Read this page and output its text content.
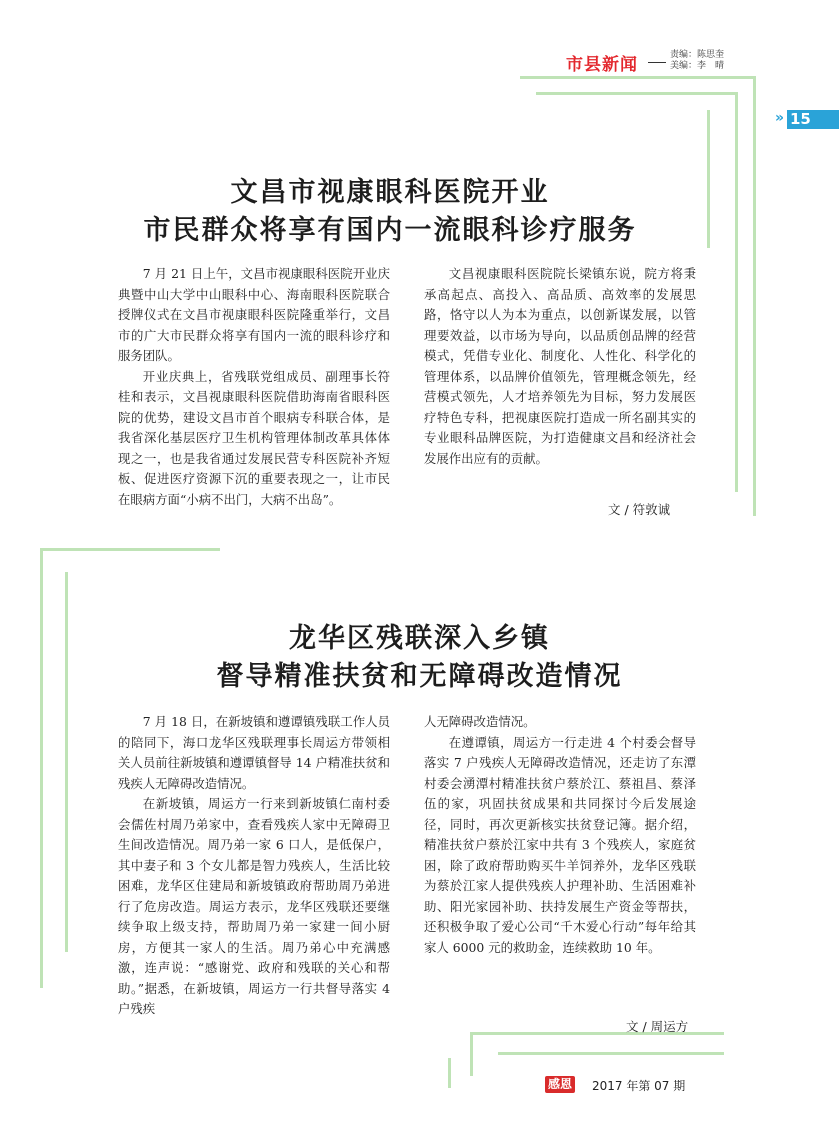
市县新闻	责编：陈思奎
美编：李　晴
» 15
文昌市视康眼科医院开业
市民群众将享有国内一流眼科诊疗服务

7 月 21 日上午，文昌市视康眼科医院开业庆典暨中山大学中山眼科中心、海南眼科医院联合授牌仪式在文昌市视康眼科医院隆重举行，文昌市的广大市民群众将享有国内一流的眼科诊疗和服务团队。

开业庆典上，省残联党组成员、副理事长符桂和表示，文昌视康眼科医院借助海南省眼科医院的优势，建设文昌市首个眼病专科联合体，是我省深化基层医疗卫生机构管理体制改革具体体现之一，也是我省通过发展民营专科医院补齐短板、促进医疗资源下沉的重要表现之一，让市民在眼病方面“小病不出门，大病不出岛”。

文昌视康眼科医院院长梁镇东说，院方将秉承高起点、高投入、高品质、高效率的发展思路，恪守以人为本为重点，以创新谋发展，以管理要效益，以市场为导向，以品质创品牌的经营模式，凭借专业化、制度化、人性化、科学化的管理体系，以品牌价值领先，管理概念领先，经营模式领先，人才培养领先为目标，努力发展医疗特色专科，把视康医院打造成一所名副其实的专业眼科品牌医院，为打造健康文昌和经济社会发展作出应有的贡献。

文 / 符敦诚
龙华区残联深入乡镇
督导精准扶贫和无障碍改造情况

7 月 18 日，在新坡镇和遵谭镇残联工作人员的陪同下，海口龙华区残联理事长周运方带领相关人员前往新坡镇和遵谭镇督导 14 户精准扶贫和残疾人无障碍改造情况。

在新坡镇，周运方一行来到新坡镇仁南村委会儒佐村周乃弟家中，查看残疾人家中无障碍卫生间改造情况。周乃弟一家 6 口人，是低保户，其中妻子和 3 个女儿都是智力残疾人，生活比较困难，龙华区住建局和新坡镇政府帮助周乃弟进行了危房改造。周运方表示，龙华区残联还要继续争取上级支持，帮助周乃弟一家建一间小厨房，方便其一家人的生活。周乃弟心中充满感激，连声说：“感谢党、政府和残联的关心和帮助。”据悉，在新坡镇，周运方一行共督导落实 4 户残疾

人无障碍改造情况。

在遵谭镇，周运方一行走进 4 个村委会督导落实 7 户残疾人无障碍改造情况，还走访了东潭村委会湧潭村精准扶贫户蔡於江、蔡祖昌、蔡泽伍的家，巩固扶贫成果和共同探讨今后发展途径，同时，再次更新核实扶贫登记簿。据介绍，精准扶贫户蔡於江家中共有 3 个残疾人，家庭贫困，除了政府帮助购买牛羊饲养外，龙华区残联为蔡於江家人提供残疾人护理补助、生活困难补助、阳光家园补助、扶持发展生产资金等帮扶，还积极争取了爱心公司“千木爱心行动”每年给其家人 6000 元的救助金，连续救助 10 年。

文 / 周运方
感恩 2017 年第 07 期
